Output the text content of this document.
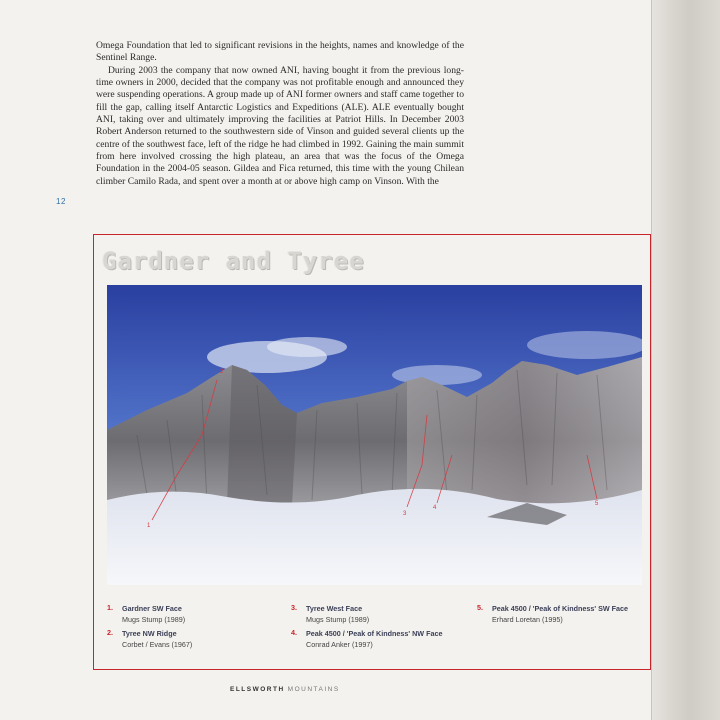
Omega Foundation that led to significant revisions in the heights, names and knowledge of the Sentinel Range.

During 2003 the company that now owned ANI, having bought it from the previous long-time owners in 2000, decided that the company was not profitable enough and announced they were suspending operations. A group made up of ANI former owners and staff came together to fill the gap, calling itself Antarctic Logistics and Expeditions (ALE). ALE eventually bought ANI, taking over and ultimately improving the facilities at Patriot Hills. In December 2003 Robert Anderson returned to the southwestern side of Vinson and guided several clients up the centre of the southwest face, left of the ridge he had climbed in 1992. Gaining the main summit from here involved crossing the high plateau, an area that was the focus of the Omega Foundation in the 2004-05 season. Gildea and Fica returned, this time with the young Chilean climber Camilo Rada, and spent over a month at or above high camp on Vinson. With the

12
Gardner and Tyree
1
2
3
4
5
1. Gardner SW Face
Mugs Stump (1989)
2. Tyree NW Ridge
Corbet / Evans (1967)
3. Tyree West Face
Mugs Stump (1989)
4. Peak 4500 / 'Peak of Kindness' NW Face
Conrad Anker (1997)
5. Peak 4500 / 'Peak of Kindness' SW Face
Erhard Loretan (1995)
ELLSWORTH MOUNTAINS
